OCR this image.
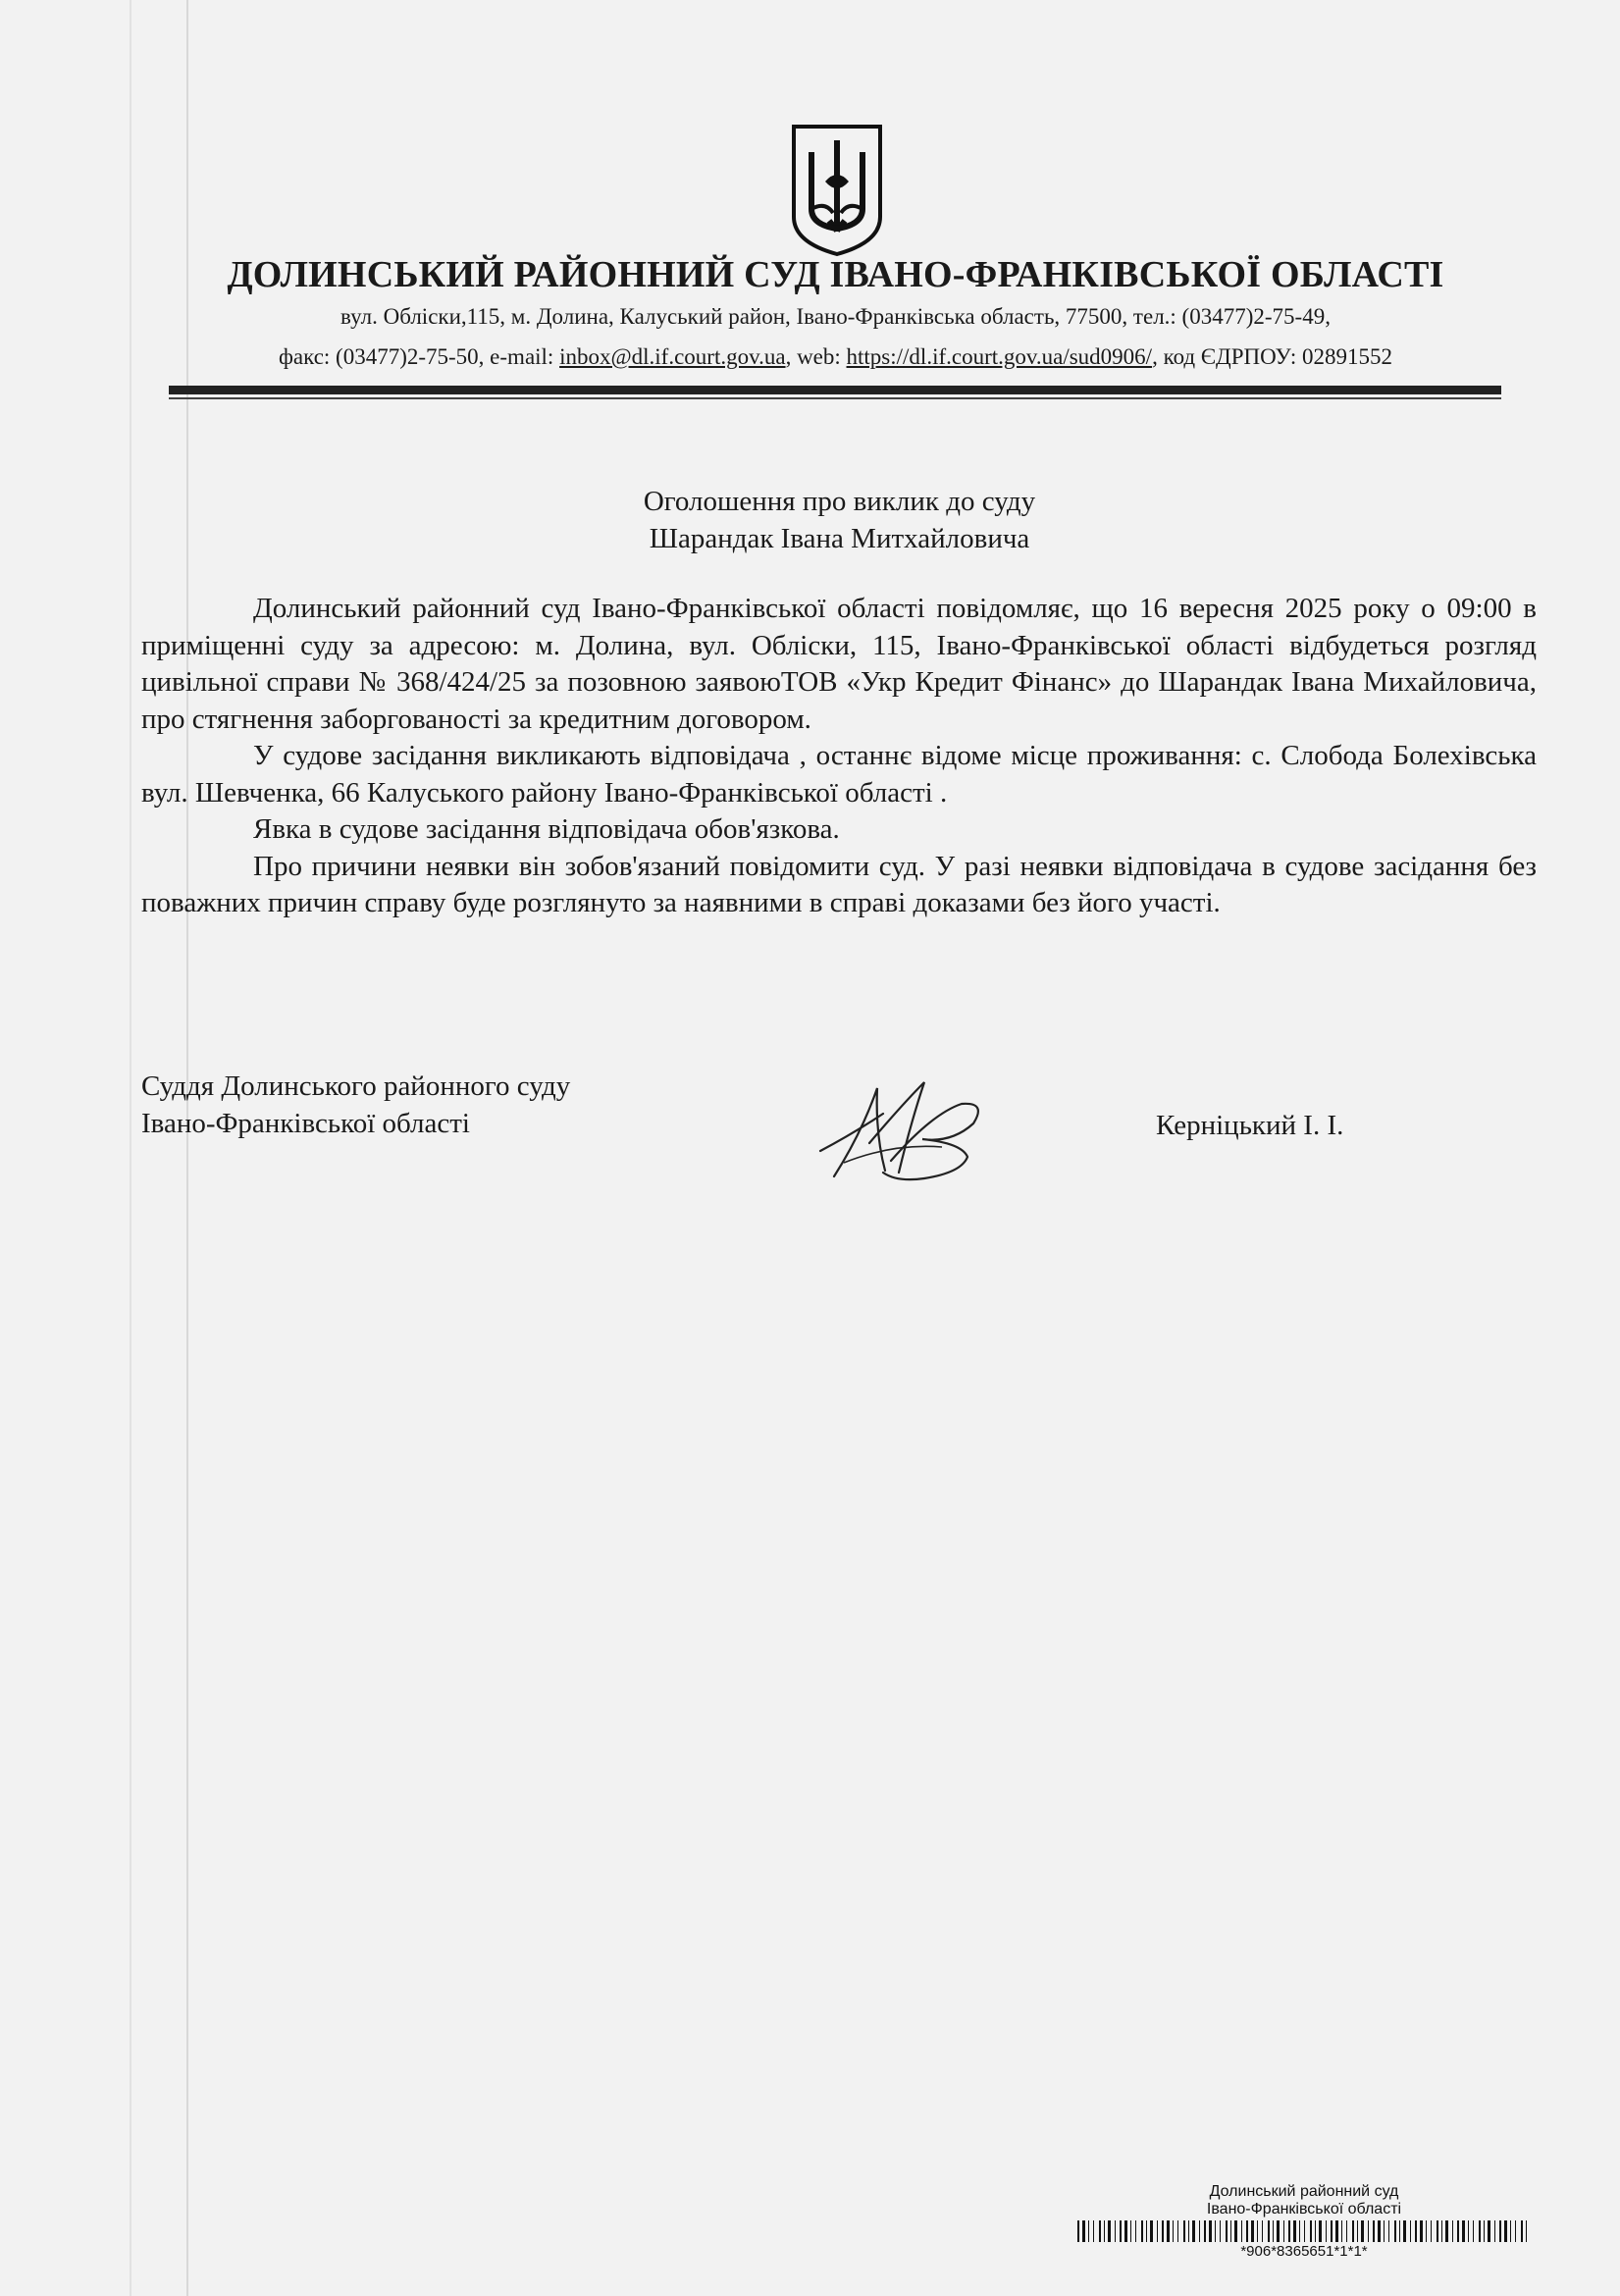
ДОЛИНСЬКИЙ РАЙОННИЙ СУД ІВАНО-ФРАНКІВСЬКОЇ ОБЛАСТІ
вул. Обліски,115, м. Долина, Калуський район, Івано-Франківська область, 77500, тел.: (03477)2-75-49,
факс: (03477)2-75-50, e-mail: inbox@dl.if.court.gov.ua, web: https://dl.if.court.gov.ua/sud0906/, код ЄДРПОУ: 02891552
Оголошення про виклик до суду
Шарандак Івана Митхайловича

Долинський районний суд Івано-Франківської області повідомляє, що 16 вересня 2025 року о 09:00 в приміщенні суду за адресою: м. Долина, вул. Обліски, 115, Івано-Франківської області відбудеться розгляд цивільної справи № 368/424/25 за позовною заявоюТОВ «Укр Кредит Фінанс» до Шарандак Івана Михайловича, про стягнення заборгованості за кредитним договором.

У судове засідання викликають відповідача , останнє відоме місце проживання: с. Слобода Болехівська вул. Шевченка, 66 Калуського району Івано-Франківської області .

Явка в судове засідання відповідача обов'язкова.

Про причини неявки він зобов'язаний повідомити суд. У разі неявки відповідача в судове засідання без поважних причин справу буде розглянуто за наявними в справі доказами без його участі.

Суддя Долинського районного суду
Івано-Франківської області	Керніцький І. І.
Долинський районний суд
Івано-Франківської області
*906*8365651*1*1*
